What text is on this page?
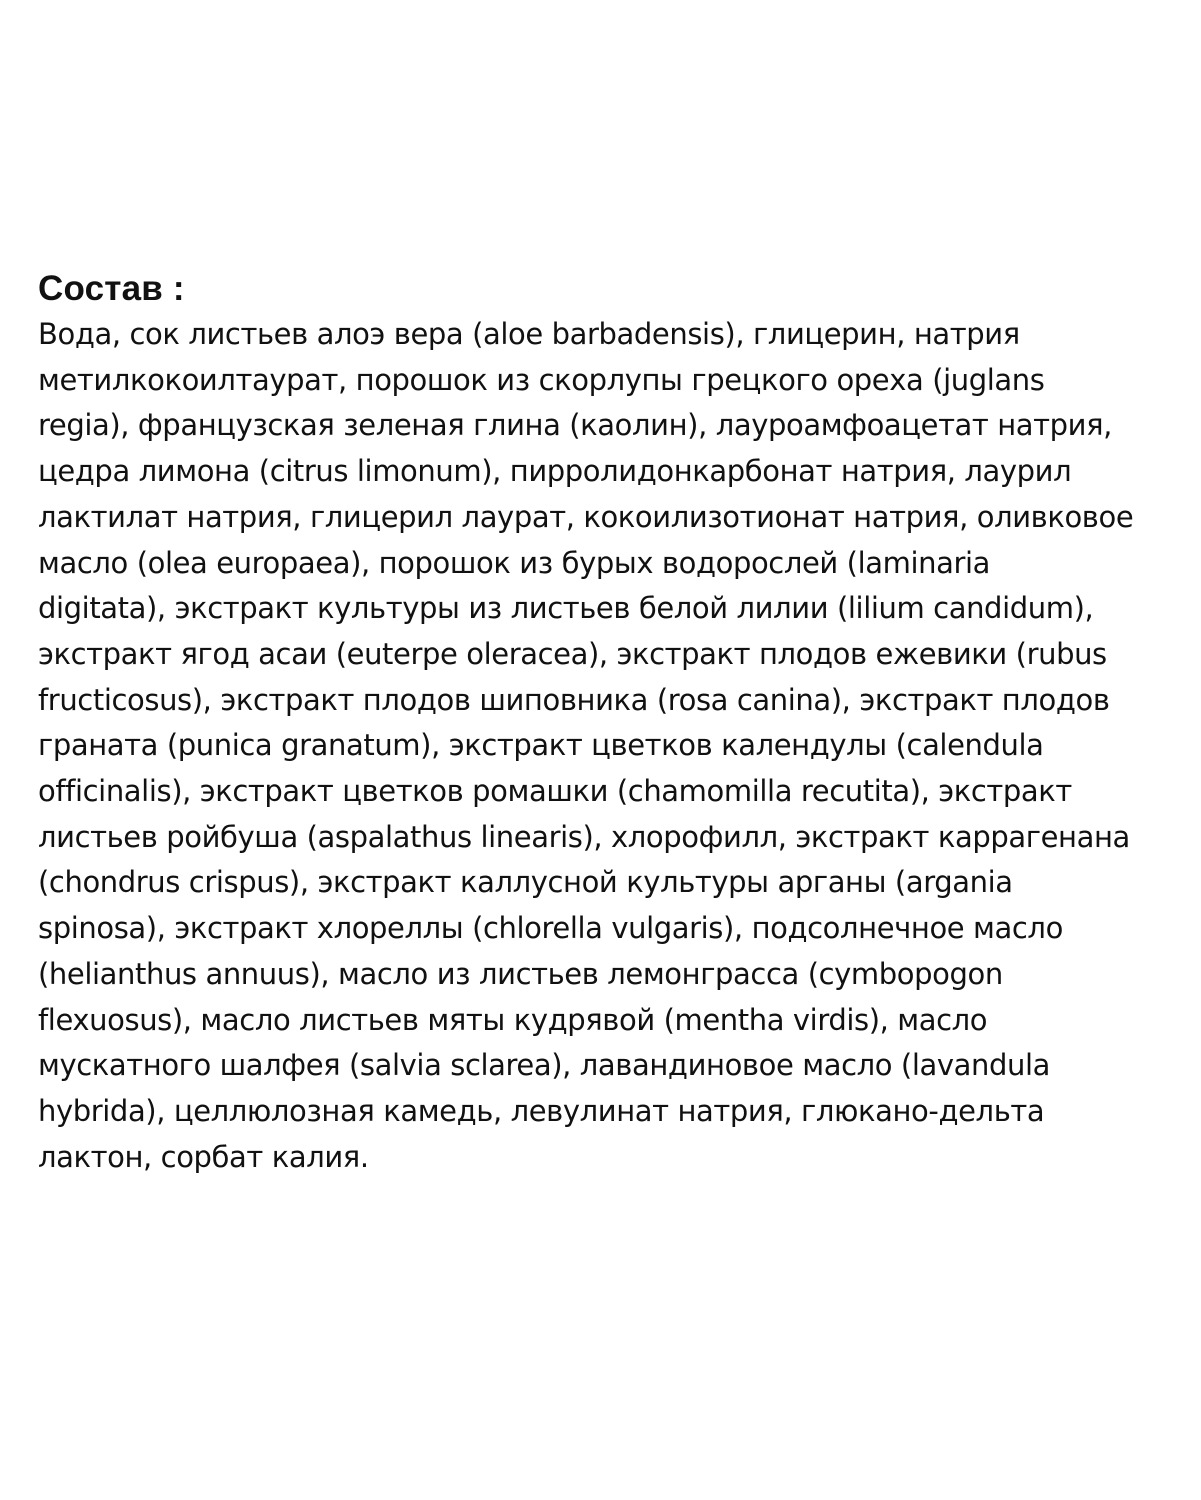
Состав :

Вода, сок листьев алоэ вера (aloe barbadensis), глицерин, натрия
метилкокоилтаурат, порошок из скорлупы грецкого ореха (juglans
regia), французская зеленая глина (каолин), лауроамфоацетат натрия,
цедра лимона (citrus limonum), пирролидонкарбонат натрия, лаурил
лактилат натрия, глицерил лаурат, кокоилизотионат натрия, оливковое
масло (olea europaea), порошок из бурых водорослей (laminaria
digitata), экстракт культуры из листьев белой лилии (lilium candidum),
экстракт ягод асаи (euterpe oleracea), экстракт плодов ежевики (rubus
fructicosus), экстракт плодов шиповника (rosa canina), экстракт плодов
граната (punica granatum), экстракт цветков календулы (calendula
officinalis), экстракт цветков ромашки (chamomilla recutita), экстракт
листьев ройбуша (aspalathus linearis), хлорофилл, экстракт каррагенана
(chondrus crispus), экстракт каллусной культуры арганы (argania
spinosa), экстракт хлореллы (chlorella vulgaris), подсолнечное масло
(helianthus annuus), масло из листьев лемонграсса (cymbopogon
flexuosus), масло листьев мяты кудрявой (mentha virdis), масло
мускатного шалфея (salvia sclarea), лавандиновое масло (lavandula
hybrida), целлюлозная камедь, левулинат натрия, глюкано-дельта
лактон, сорбат калия.
